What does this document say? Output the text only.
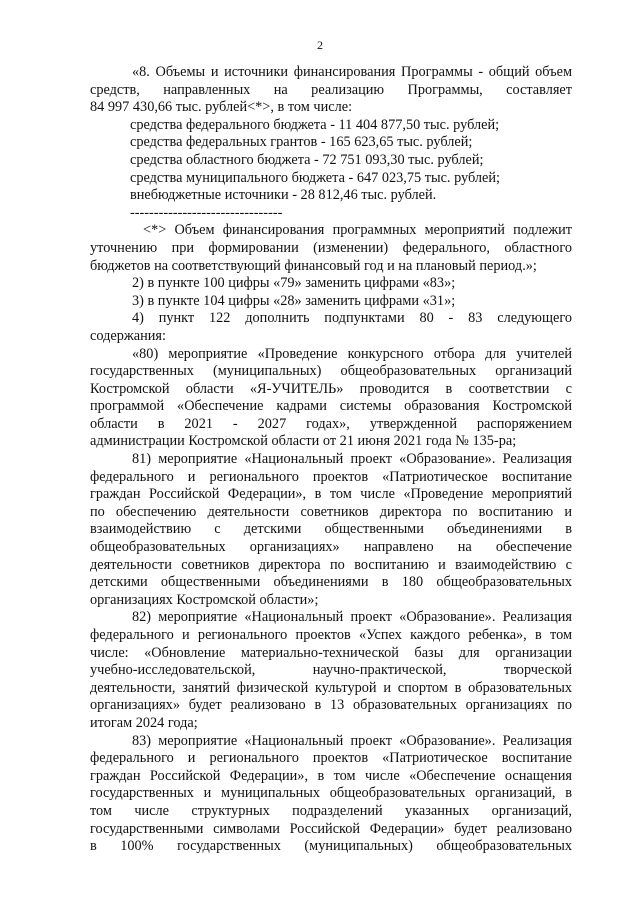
2
«8. Объемы и источники финансирования Программы - общий объем
средств, направленных на реализацию Программы, составляет
84 997 430,66 тыс. рублей<*>, в том числе:
средства федерального бюджета - 11 404 877,50 тыс. рублей;
средства федеральных грантов - 165 623,65 тыс. рублей;
средства областного бюджета - 72 751 093,30 тыс. рублей;
средства муниципального бюджета - 647 023,75 тыс. рублей;
внебюджетные источники - 28 812,46 тыс. рублей.
--------------------------------
<*> Объем финансирования программных мероприятий подлежит
уточнению при формировании (изменении) федерального, областного
бюджетов на соответствующий финансовый год и на плановый период.»;
2) в пункте 100 цифры «79» заменить цифрами «83»;
3) в пункте 104 цифры «28» заменить цифрами «31»;
4) пункт 122 дополнить подпунктами 80 - 83 следующего
содержания:
«80) мероприятие «Проведение конкурсного отбора для учителей
государственных (муниципальных) общеобразовательных организаций
Костромской области «Я-УЧИТЕЛЬ» проводится в соответствии с
программой «Обеспечение кадрами системы образования Костромской
области в 2021 - 2027 годах», утвержденной распоряжением
администрации Костромской области от 21 июня 2021 года № 135-ра;
81) мероприятие «Национальный проект «Образование». Реализация
федерального и регионального проектов «Патриотическое воспитание
граждан Российской Федерации», в том числе «Проведение мероприятий
по обеспечению деятельности советников директора по воспитанию и
взаимодействию с детскими общественными объединениями в
общеобразовательных организациях» направлено на обеспечение
деятельности советников директора по воспитанию и взаимодействию с
детскими общественными объединениями в 180 общеобразовательных
организациях Костромской области»;
82) мероприятие «Национальный проект «Образование». Реализация
федерального и регионального проектов «Успех каждого ребенка», в том
числе: «Обновление материально-технической базы для организации
учебно-исследовательской, научно-практической, творческой
деятельности, занятий физической культурой и спортом в образовательных
организациях» будет реализовано в 13 образовательных организациях по
итогам 2024 года;
83) мероприятие «Национальный проект «Образование». Реализация
федерального и регионального проектов «Патриотическое воспитание
граждан Российской Федерации», в том числе «Обеспечение оснащения
государственных и муниципальных общеобразовательных организаций, в
том числе структурных подразделений указанных организаций,
государственными символами Российской Федерации» будет реализовано
в 100% государственных (муниципальных) общеобразовательных
